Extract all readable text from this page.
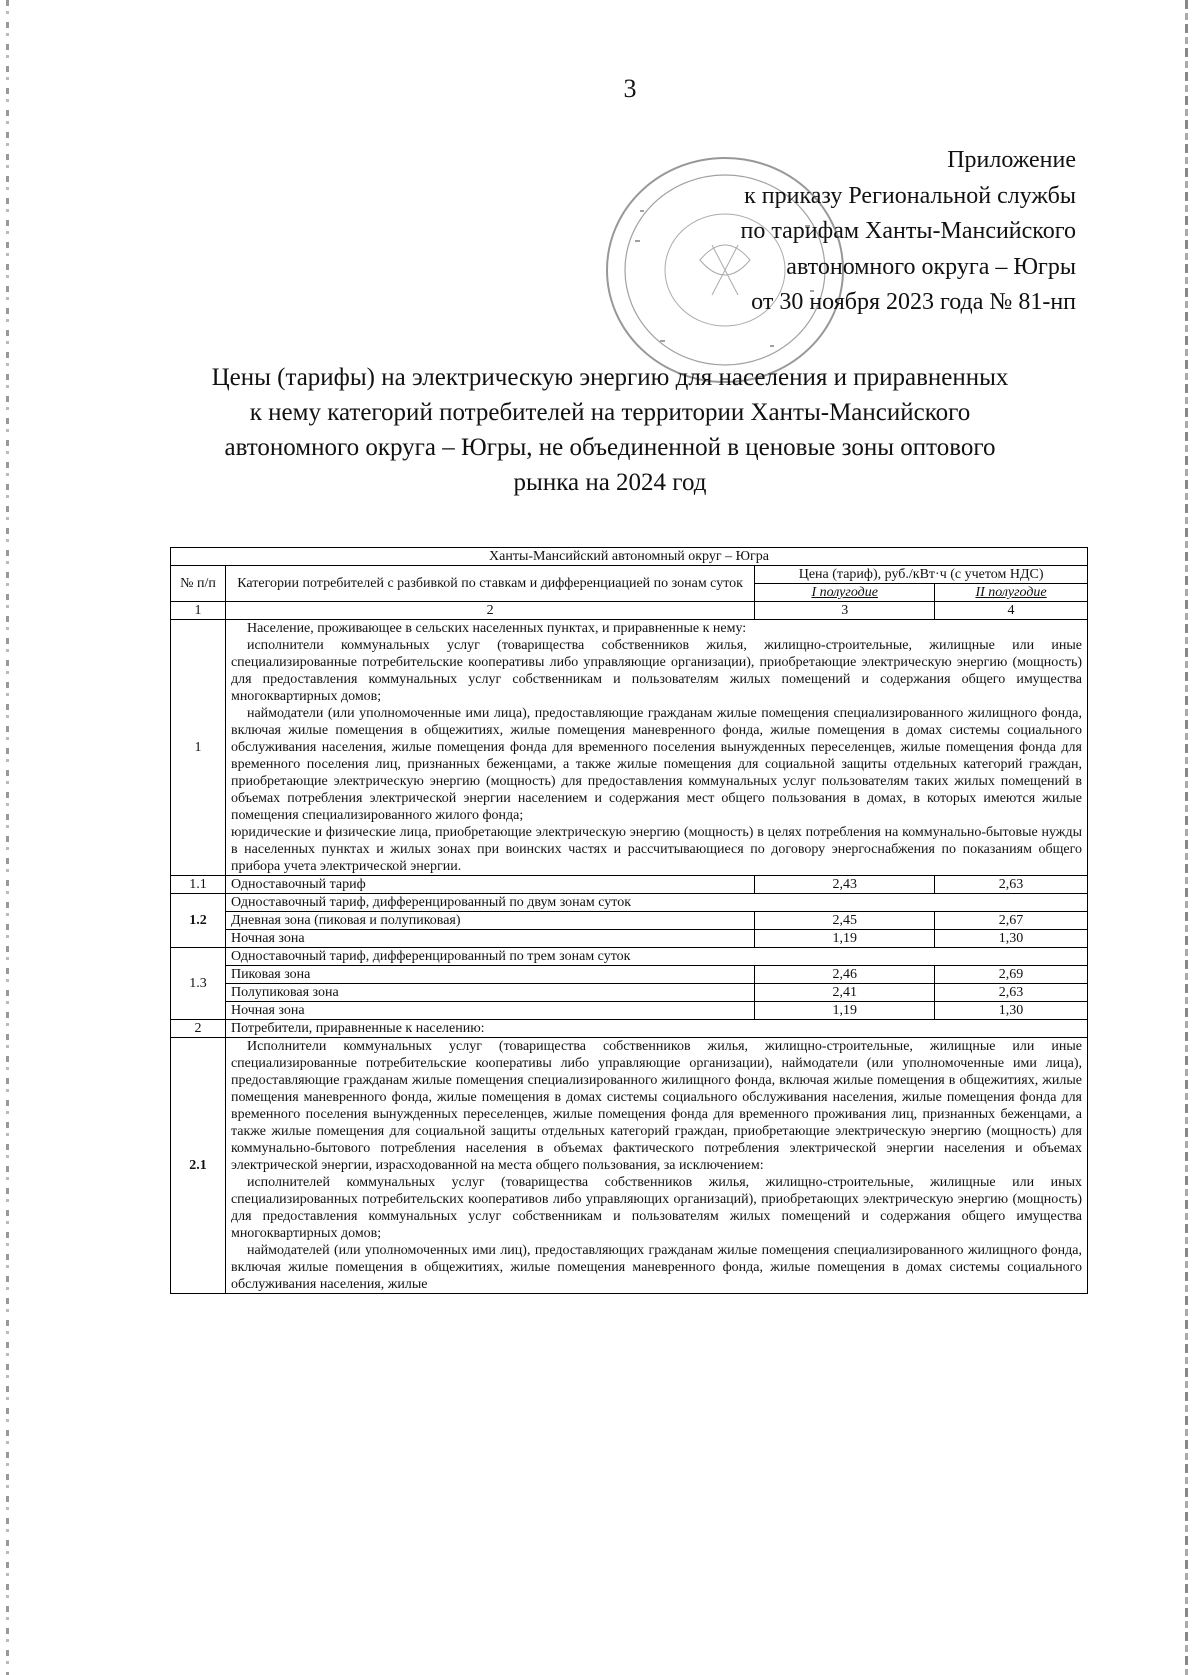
3
Приложение
к приказу Региональной службы
по тарифам Ханты-Мансийского
автономного округа – Югры
от 30 ноября 2023 года № 81-нп
Цены (тарифы) на электрическую энергию для населения и приравненных
к нему категорий потребителей на территории Ханты-Мансийского
автономного округа – Югры, не объединенной в ценовые зоны оптового
рынка на 2024 год
Ханты-Мансийский автономный округ – Югра			
№ п/п	Категории потребителей с разбивкой по ставкам и дифференциацией по зонам суток	Цена (тариф), руб./кВт·ч (с учетом НДС)	
		I полугодие	II полугодие
1	2	3	4
1	Население, проживающее в сельских населенных пунктах, и приравненные к нему:

исполнители коммунальных услуг (товарищества собственников жилья, жилищно-строительные, жилищные или иные специализированные потребительские кооперативы либо управляющие организации), приобретающие электрическую энергию (мощность) для предоставления коммунальных услуг собственникам и пользователям жилых помещений и содержания общего имущества многоквартирных домов;

наймодатели (или уполномоченные ими лица), предоставляющие гражданам жилые помещения специализированного жилищного фонда, включая жилые помещения в общежитиях, жилые помещения маневренного фонда, жилые помещения в домах системы социального обслуживания населения, жилые помещения фонда для временного поселения вынужденных переселенцев, жилые помещения фонда для временного поселения лиц, признанных беженцами, а также жилые помещения для социальной защиты отдельных категорий граждан, приобретающие электрическую энергию (мощность) для предоставления коммунальных услуг пользователям таких жилых помещений в объемах потребления электрической энергии населением и содержания мест общего пользования в домах, в которых имеются жилые помещения специализированного жилого фонда;

юридические и физические лица, приобретающие электрическую энергию (мощность) в целях потребления на коммунально-бытовые нужды в населенных пунктах и жилых зонах при воинских частях и рассчитывающиеся по договору энергоснабжения по показаниям общего прибора учета электрической энергии.		

1.1	Одноставочный тариф	2,43	2,63
1.2	Одноставочный тариф, дифференцированный по двум зонам суток		
	Дневная зона (пиковая и полупиковая)	2,45	2,67
	Ночная зона	1,19	1,30
1.3	Одноставочный тариф, дифференцированный по трем зонам суток		
	Пиковая зона	2,46	2,69
	Полупиковая зона	2,41	2,63
	Ночная зона	1,19	1,30
2	Потребители, приравненные к населению:		
2.1	Исполнители коммунальных услуг (товарищества собственников жилья, жилищно-строительные, жилищные или иные специализированные потребительские кооперативы либо управляющие организации), наймодатели (или уполномоченные ими лица), предоставляющие гражданам жилые помещения специализированного жилищного фонда, включая жилые помещения в общежитиях, жилые помещения маневренного фонда, жилые помещения в домах системы социального обслуживания населения, жилые помещения фонда для временного поселения вынужденных переселенцев, жилые помещения фонда для временного проживания лиц, признанных беженцами, а также жилые помещения для социальной защиты отдельных категорий граждан, приобретающие электрическую энергию (мощность) для коммунально-бытового потребления населения в объемах фактического потребления электрической энергии населения и объемах электрической энергии, израсходованной на места общего пользования, за исключением:

исполнителей коммунальных услуг (товарищества собственников жилья, жилищно-строительные, жилищные или иных специализированных потребительских кооперативов либо управляющих организаций), приобретающих электрическую энергию (мощность) для предоставления коммунальных услуг собственникам и пользователям жилых помещений и содержания общего имущества многоквартирных домов;

наймодателей (или уполномоченных ими лиц), предоставляющих гражданам жилые помещения специализированного жилищного фонда, включая жилые помещения в общежитиях, жилые помещения маневренного фонда, жилые помещения в домах системы социального обслуживания населения, жилые		
